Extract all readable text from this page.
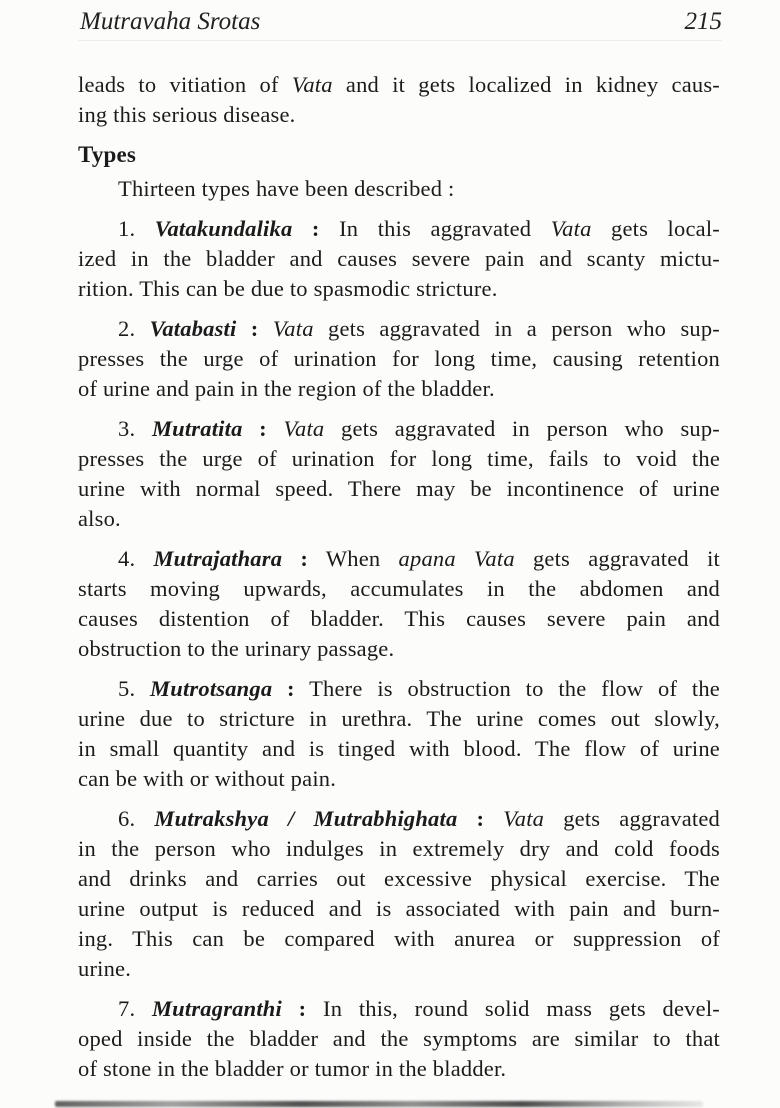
Mutravaha Srotas	215
leads to vitiation of Vata and it gets localized in kidney caus-
ing this serious disease.
Types
Thirteen types have been described :
1. Vatakundalika : In this aggravated Vata gets local-
ized in the bladder and causes severe pain and scanty mictu-
rition. This can be due to spasmodic stricture.
2. Vatabasti : Vata gets aggravated in a person who sup-
presses the urge of urination for long time, causing retention
of urine and pain in the region of the bladder.
3. Mutratita : Vata gets aggravated in person who sup-
presses the urge of urination for long time, fails to void the
urine with normal speed. There may be incontinence of urine
also.
4. Mutrajathara : When apana Vata gets aggravated it
starts moving upwards, accumulates in the abdomen and
causes distention of bladder. This causes severe pain and
obstruction to the urinary passage.
5. Mutrotsanga : There is obstruction to the flow of the
urine due to stricture in urethra. The urine comes out slowly,
in small quantity and is tinged with blood. The flow of urine
can be with or without pain.
6. Mutrakshya / Mutrabhighata : Vata gets aggravated
in the person who indulges in extremely dry and cold foods
and drinks and carries out excessive physical exercise. The
urine output is reduced and is associated with pain and burn-
ing. This can be compared with anurea or suppression of
urine.
7. Mutragranthi : In this, round solid mass gets devel-
oped inside the bladder and the symptoms are similar to that
of stone in the bladder or tumor in the bladder.
